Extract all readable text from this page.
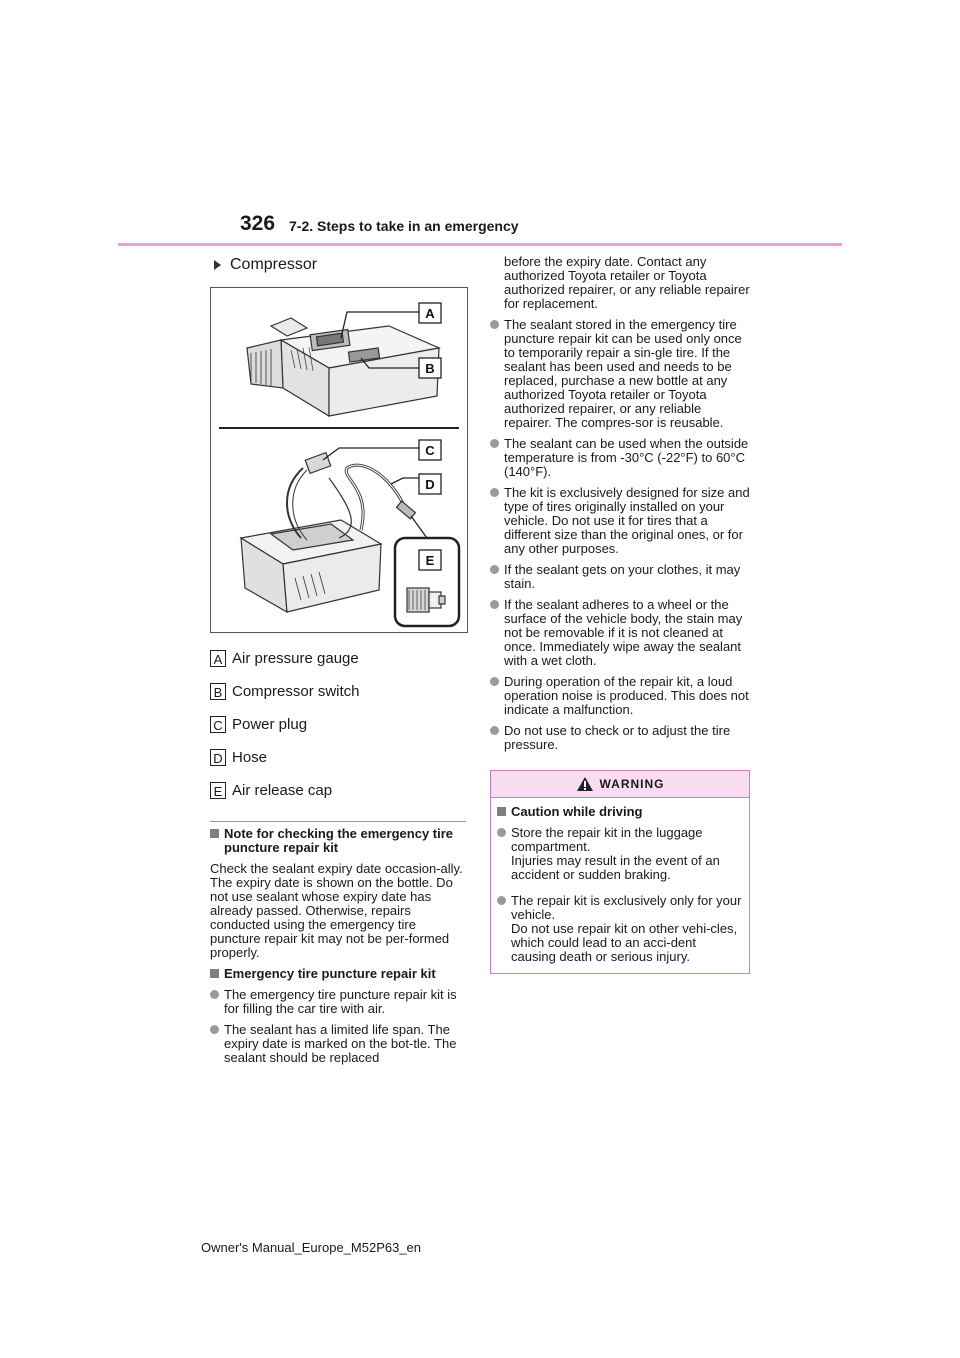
326 7-2. Steps to take in an emergency
Compressor
A
B
C
D
E
A Air pressure gauge
B Compressor switch
C Power plug
D Hose
E Air release cap
Note for checking the emergency tire puncture repair kit
Check the sealant expiry date occasion-ally.
The expiry date is shown on the bottle. Do not use sealant whose expiry date has already passed. Otherwise, repairs conducted using the emergency tire puncture repair kit may not be per-formed properly.
Emergency tire puncture repair kit
The emergency tire puncture repair kit is for filling the car tire with air.
The sealant has a limited life span. The expiry date is marked on the bot-tle. The sealant should be replaced
before the expiry date. Contact any authorized Toyota retailer or Toyota authorized repairer, or any reliable repairer for replacement.
The sealant stored in the emergency tire puncture repair kit can be used only once to temporarily repair a sin-gle tire. If the sealant has been used and needs to be replaced, purchase a new bottle at any authorized Toyota retailer or Toyota authorized repairer, or any reliable repairer. The compres-sor is reusable.
The sealant can be used when the outside temperature is from -30°C (-22°F) to 60°C (140°F).
The kit is exclusively designed for size and type of tires originally installed on your vehicle. Do not use it for tires that a different size than the original ones, or for any other purposes.
If the sealant gets on your clothes, it may stain.
If the sealant adheres to a wheel or the surface of the vehicle body, the stain may not be removable if it is not cleaned at once. Immediately wipe away the sealant with a wet cloth.
During operation of the repair kit, a loud operation noise is produced. This does not indicate a malfunction.
Do not use to check or to adjust the tire pressure.
WARNING
Caution while driving
Store the repair kit in the luggage compartment.
Injuries may result in the event of an accident or sudden braking.
The repair kit is exclusively only for your vehicle.
Do not use repair kit on other vehi-cles, which could lead to an acci-dent causing death or serious injury.
Owner's Manual_Europe_M52P63_en
